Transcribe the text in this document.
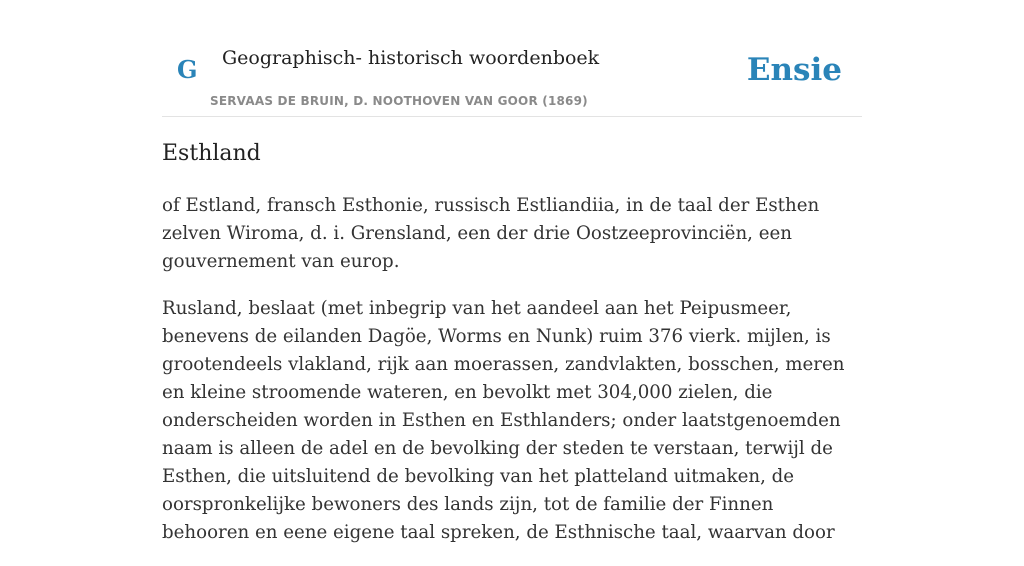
G Geographisch- historisch woordenboek
SERVAAS DE BRUIN, D. NOOTHOVEN VAN GOOR (1869)
Ensie
Esthland

of Estland, fransch Esthonie, russisch Estliandiia, in de taal der Esthen zelven Wiroma, d. i. Grensland, een der drie Oostzeeprovinciën, een gouvernement van europ.

Rusland, beslaat (met inbegrip van het aandeel aan het Peipusmeer, benevens de eilanden Dagöe, Worms en Nunk) ruim 376 vierk. mijlen, is grootendeels vlakland, rijk aan moerassen, zandvlakten, bosschen, meren en kleine stroomende wateren, en bevolkt met 304,000 zielen, die onderscheiden worden in Esthen en Esthlanders; onder laatstgenoemden naam is alleen de adel en de bevolking der steden te verstaan, terwijl de Esthen, die uitsluitend de bevolking van het platteland uitmaken, de oorspronkelijke bewoners des lands zijn, tot de familie der Finnen behooren en eene eigene taal spreken, de Esthnische taal, waarvan door
